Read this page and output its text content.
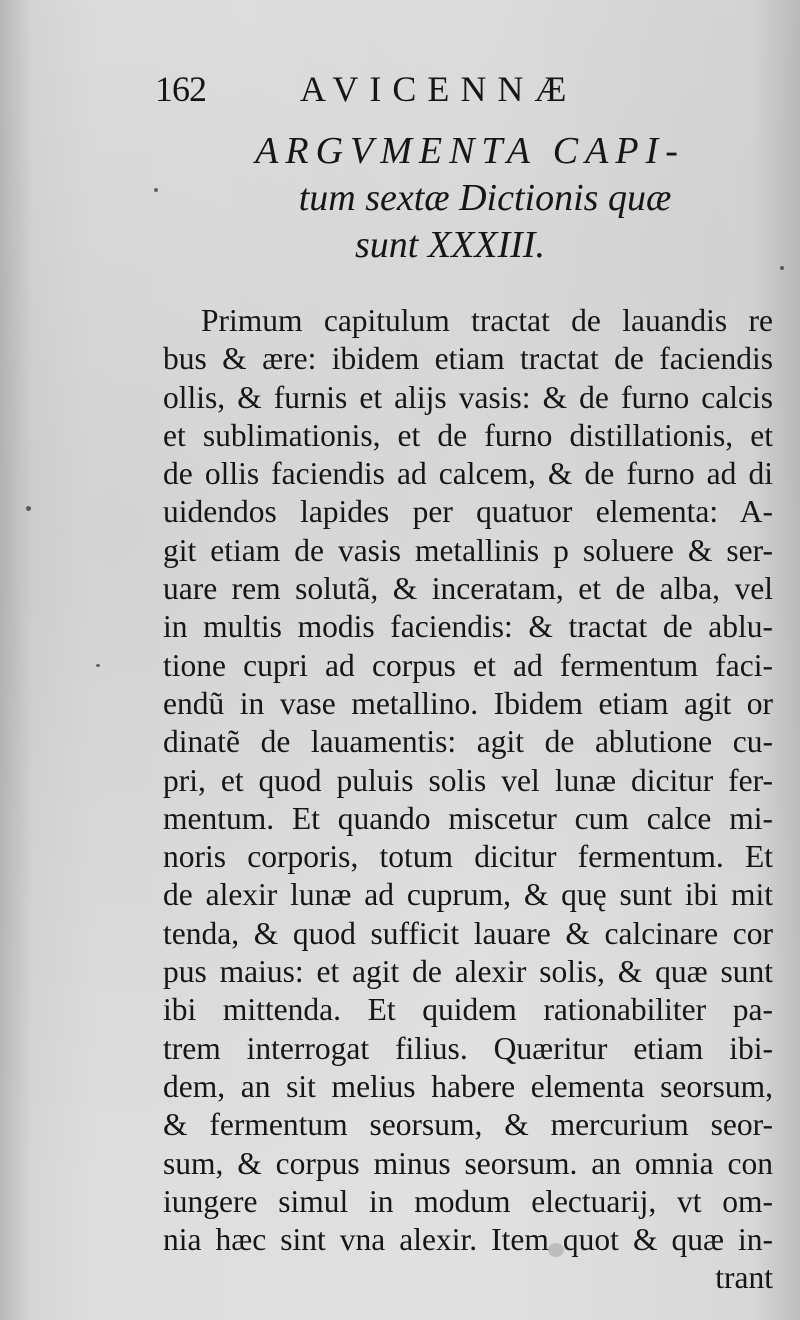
162	AVICENNÆ
ARGVMENTA CAPI-
tum sextæ Dictionis quæ
sunt XXXIII.
Primum capitulum tractat de lauandis re
bus & ære: ibidem etiam tractat de faciendis
ollis, & furnis et alijs vasis: & de furno calcis
et sublimationis, et de furno distillationis, et
de ollis faciendis ad calcem, & de furno ad di
uidendos lapides per quatuor elementa: A-
git etiam de vasis metallinis p soluere & ser-
uare rem solutã, & inceratam, et de alba, vel
in multis modis faciendis: & tractat de ablu-
tione cupri ad corpus et ad fermentum faci-
endũ in vase metallino. Ibidem etiam agit or
dinatẽ de lauamentis: agit de ablutione cu-
pri, et quod puluis solis vel lunæ dicitur fer-
mentum. Et quando miscetur cum calce mi-
noris corporis, totum dicitur fermentum. Et
de alexir lunæ ad cuprum, & quę sunt ibi mit
tenda, & quod sufficit lauare & calcinare cor
pus maius: et agit de alexir solis, & quæ sunt
ibi mittenda. Et quidem rationabiliter pa-
trem interrogat filius. Quæritur etiam ibi-
dem, an sit melius habere elementa seorsum,
& fermentum seorsum, & mercurium seor-
sum, & corpus minus seorsum. an omnia con
iungere simul in modum electuarij, vt om-
nia hæc sint vna alexir. Item quot & quæ in-
trant
